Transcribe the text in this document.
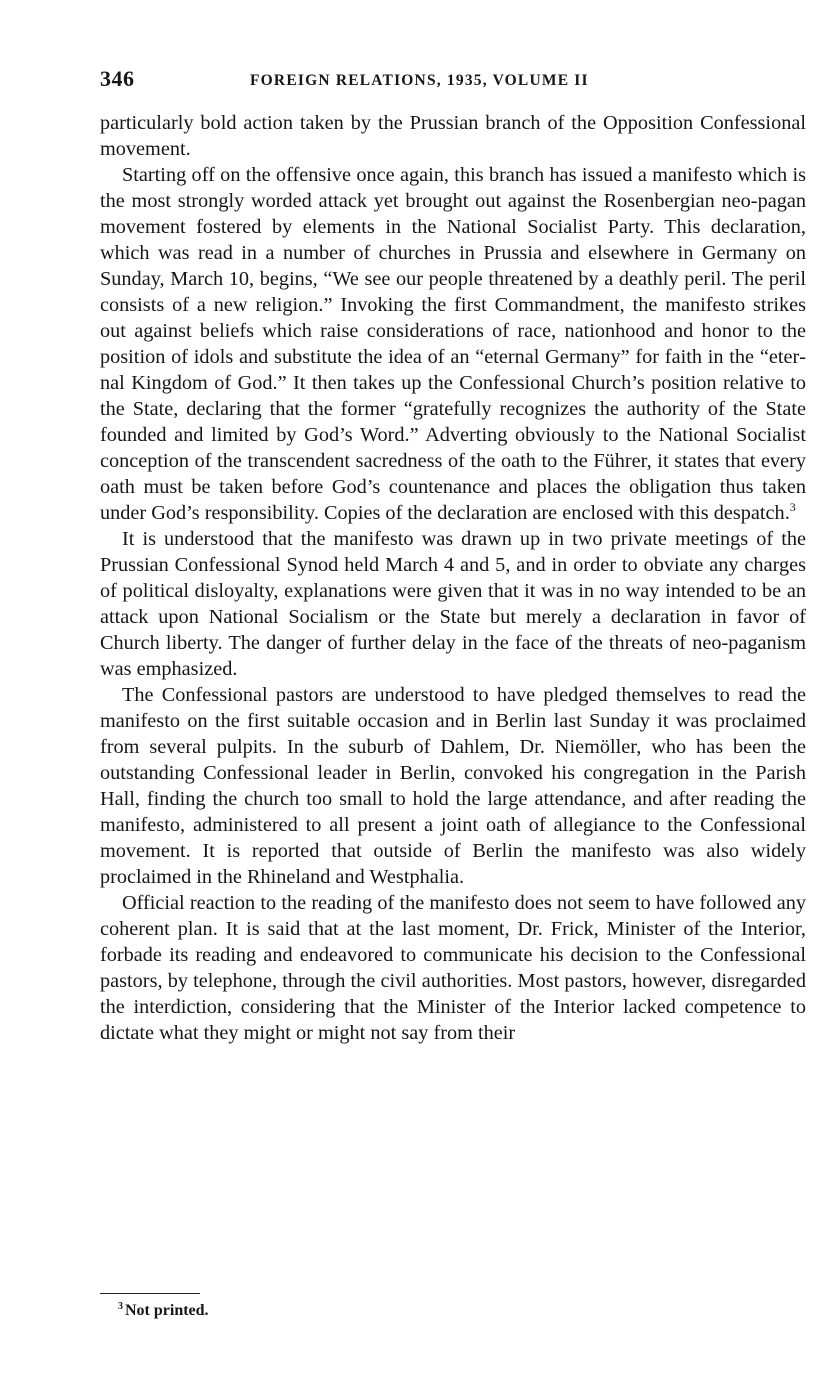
346	FOREIGN RELATIONS, 1935, VOLUME II

particularly bold action taken by the Prussian branch of the Opposition Confessional movement.

Starting off on the offensive once again, this branch has issued a manifesto which is the most strongly worded attack yet brought out against the Rosenbergian neo-pagan movement fostered by elements in the National Socialist Party. This declaration, which was read in a number of churches in Prussia and elsewhere in Germany on Sunday, March 10, begins, “We see our people threatened by a deathly peril. The peril consists of a new religion.” Invoking the first Commandment, the manifesto strikes out against beliefs which raise considerations of race, nationhood and honor to the position of idols and substitute the idea of an “eternal Germany” for faith in the “eternal Kingdom of God.” It then takes up the Confessional Church’s position relative to the State, declaring that the former “gratefully recognizes the authority of the State founded and limited by God’s Word.” Adverting obviously to the National Socialist conception of the transcendent sacredness of the oath to the Führer, it states that every oath must be taken before God’s countenance and places the obligation thus taken under God’s responsibility. Copies of the declaration are enclosed with this despatch.$^3$

It is understood that the manifesto was drawn up in two private meetings of the Prussian Confessional Synod held March 4 and 5, and in order to obviate any charges of political disloyalty, explanations were given that it was in no way intended to be an attack upon National Socialism or the State but merely a declaration in favor of Church liberty. The danger of further delay in the face of the threats of neo-paganism was emphasized.

The Confessional pastors are understood to have pledged themselves to read the manifesto on the first suitable occasion and in Berlin last Sunday it was proclaimed from several pulpits. In the suburb of Dahlem, Dr. Niemöller, who has been the outstanding Confessional leader in Berlin, convoked his congregation in the Parish Hall, finding the church too small to hold the large attendance, and after reading the manifesto, administered to all present a joint oath of allegiance to the Confessional movement. It is reported that outside of Berlin the manifesto was also widely proclaimed in the Rhineland and Westphalia.

Official reaction to the reading of the manifesto does not seem to have followed any coherent plan. It is said that at the last moment, Dr. Frick, Minister of the Interior, forbade its reading and endeavored to communicate his decision to the Confessional pastors, by telephone, through the civil authorities. Most pastors, however, disregarded the interdiction, considering that the Minister of the Interior lacked competence to dictate what they might or might not say from their

$^3$ Not printed.
